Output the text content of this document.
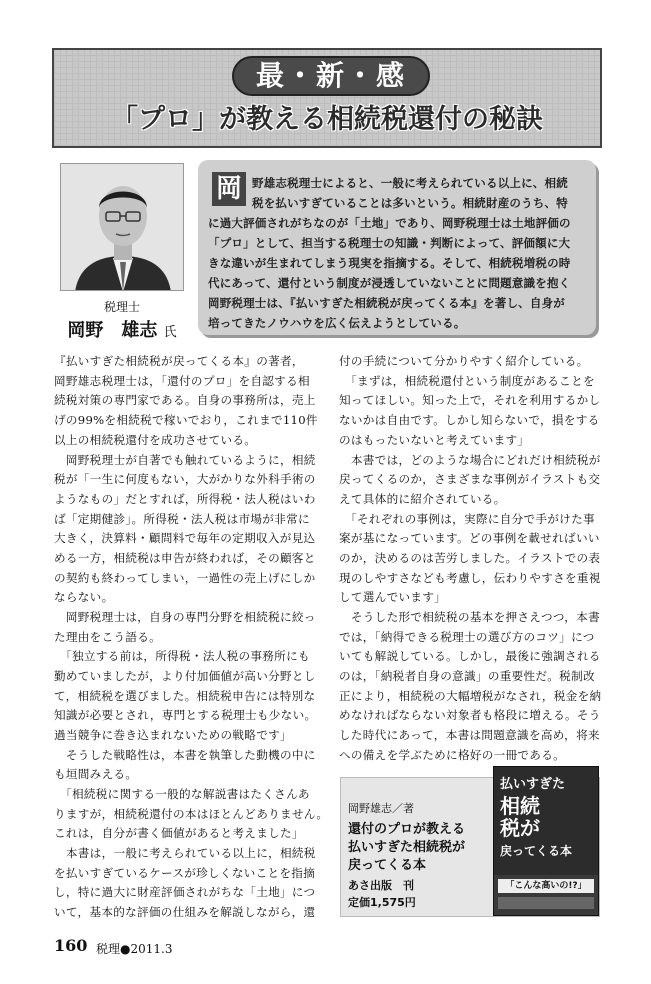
最・新・感
「プロ」が教える相続税還付の秘訣
税理士
岡野　雄志 氏
岡 野雄志税理士によると、一般に考えられている以上に、相続
税を払いすぎていることは多いという。相続財産のうち、特
に過大評価されがちなのが「土地」であり、岡野税理士は土地評価の
「プロ」として、担当する税理士の知識・判断によって、評価額に大
きな違いが生まれてしまう現実を指摘する。そして、相続税増税の時
代にあって、還付という制度が浸透していないことに問題意識を抱く
岡野税理士は、『払いすぎた相続税が戻ってくる本』を著し、自身が
培ってきたノウハウを広く伝えようとしている。
『払いすぎた相続税が戻ってくる本』の著者，
岡野雄志税理士は，「還付のプロ」を自認する相
続税対策の専門家である。自身の事務所は，売上
げの99%を相続税で稼いでおり，これまで110件
以上の相続税還付を成功させている。
　岡野税理士が自著でも触れているように，相続
税が「一生に何度もない，大がかりな外科手術の
ようなもの」だとすれば，所得税・法人税はいわ
ば「定期健診」。所得税・法人税は市場が非常に
大きく，決算料・顧問料で毎年の定期収入が見込
める一方，相続税は申告が終われば，その顧客と
の契約も終わってしまい，一過性の売上げにしか
ならない。
　岡野税理士は，自身の専門分野を相続税に絞っ
た理由をこう語る。
　「独立する前は，所得税・法人税の事務所にも
勤めていましたが，より付加価値が高い分野とし
て，相続税を選びました。相続税申告には特別な
知識が必要とされ，専門とする税理士も少ない。
過当競争に巻き込まれないための戦略です」
　そうした戦略性は，本書を執筆した動機の中に
も垣間みえる。
　「相続税に関する一般的な解説書はたくさんあ
りますが，相続税還付の本はほとんどありません。
これは，自分が書く価値があると考えました」
　本書は，一般に考えられている以上に，相続税
を払いすぎているケースが珍しくないことを指摘
し，特に過大に財産評価されがちな「土地」につ
いて，基本的な評価の仕組みを解説しながら，還
付の手続について分かりやすく紹介している。
　「まずは，相続税還付という制度があることを
知ってほしい。知った上で，それを利用するかし
ないかは自由です。しかし知らないで，損をする
のはもったいないと考えています」
　本書では，どのような場合にどれだけ相続税が
戻ってくるのか，さまざまな事例がイラストも交
えて具体的に紹介されている。
　「それぞれの事例は，実際に自分で手がけた事
案が基になっています。どの事例を載せればいい
のか，決めるのは苦労しました。イラストでの表
現のしやすさなども考慮し，伝わりやすさを重視
して選んでいます」
　そうした形で相続税の基本を押さえつつ，本書
では，「納得できる税理士の選び方のコツ」につ
いても解説している。しかし，最後に強調される
のは，「納税者自身の意識」の重要性だ。税制改
正により，相続税の大幅増税がなされ，税金を納
めなければならない対象者も格段に増える。そう
した時代にあって，本書は問題意識を高め，将来
への備えを学ぶために格好の一冊である。
岡野雄志／著
還付のプロが教える
払いすぎた相続税が
戻ってくる本
あさ出版　刊
定価1,575円
払いすぎた
相続
税が
戻ってくる本
「こんな高いの!?」
160 税理●2011.3
